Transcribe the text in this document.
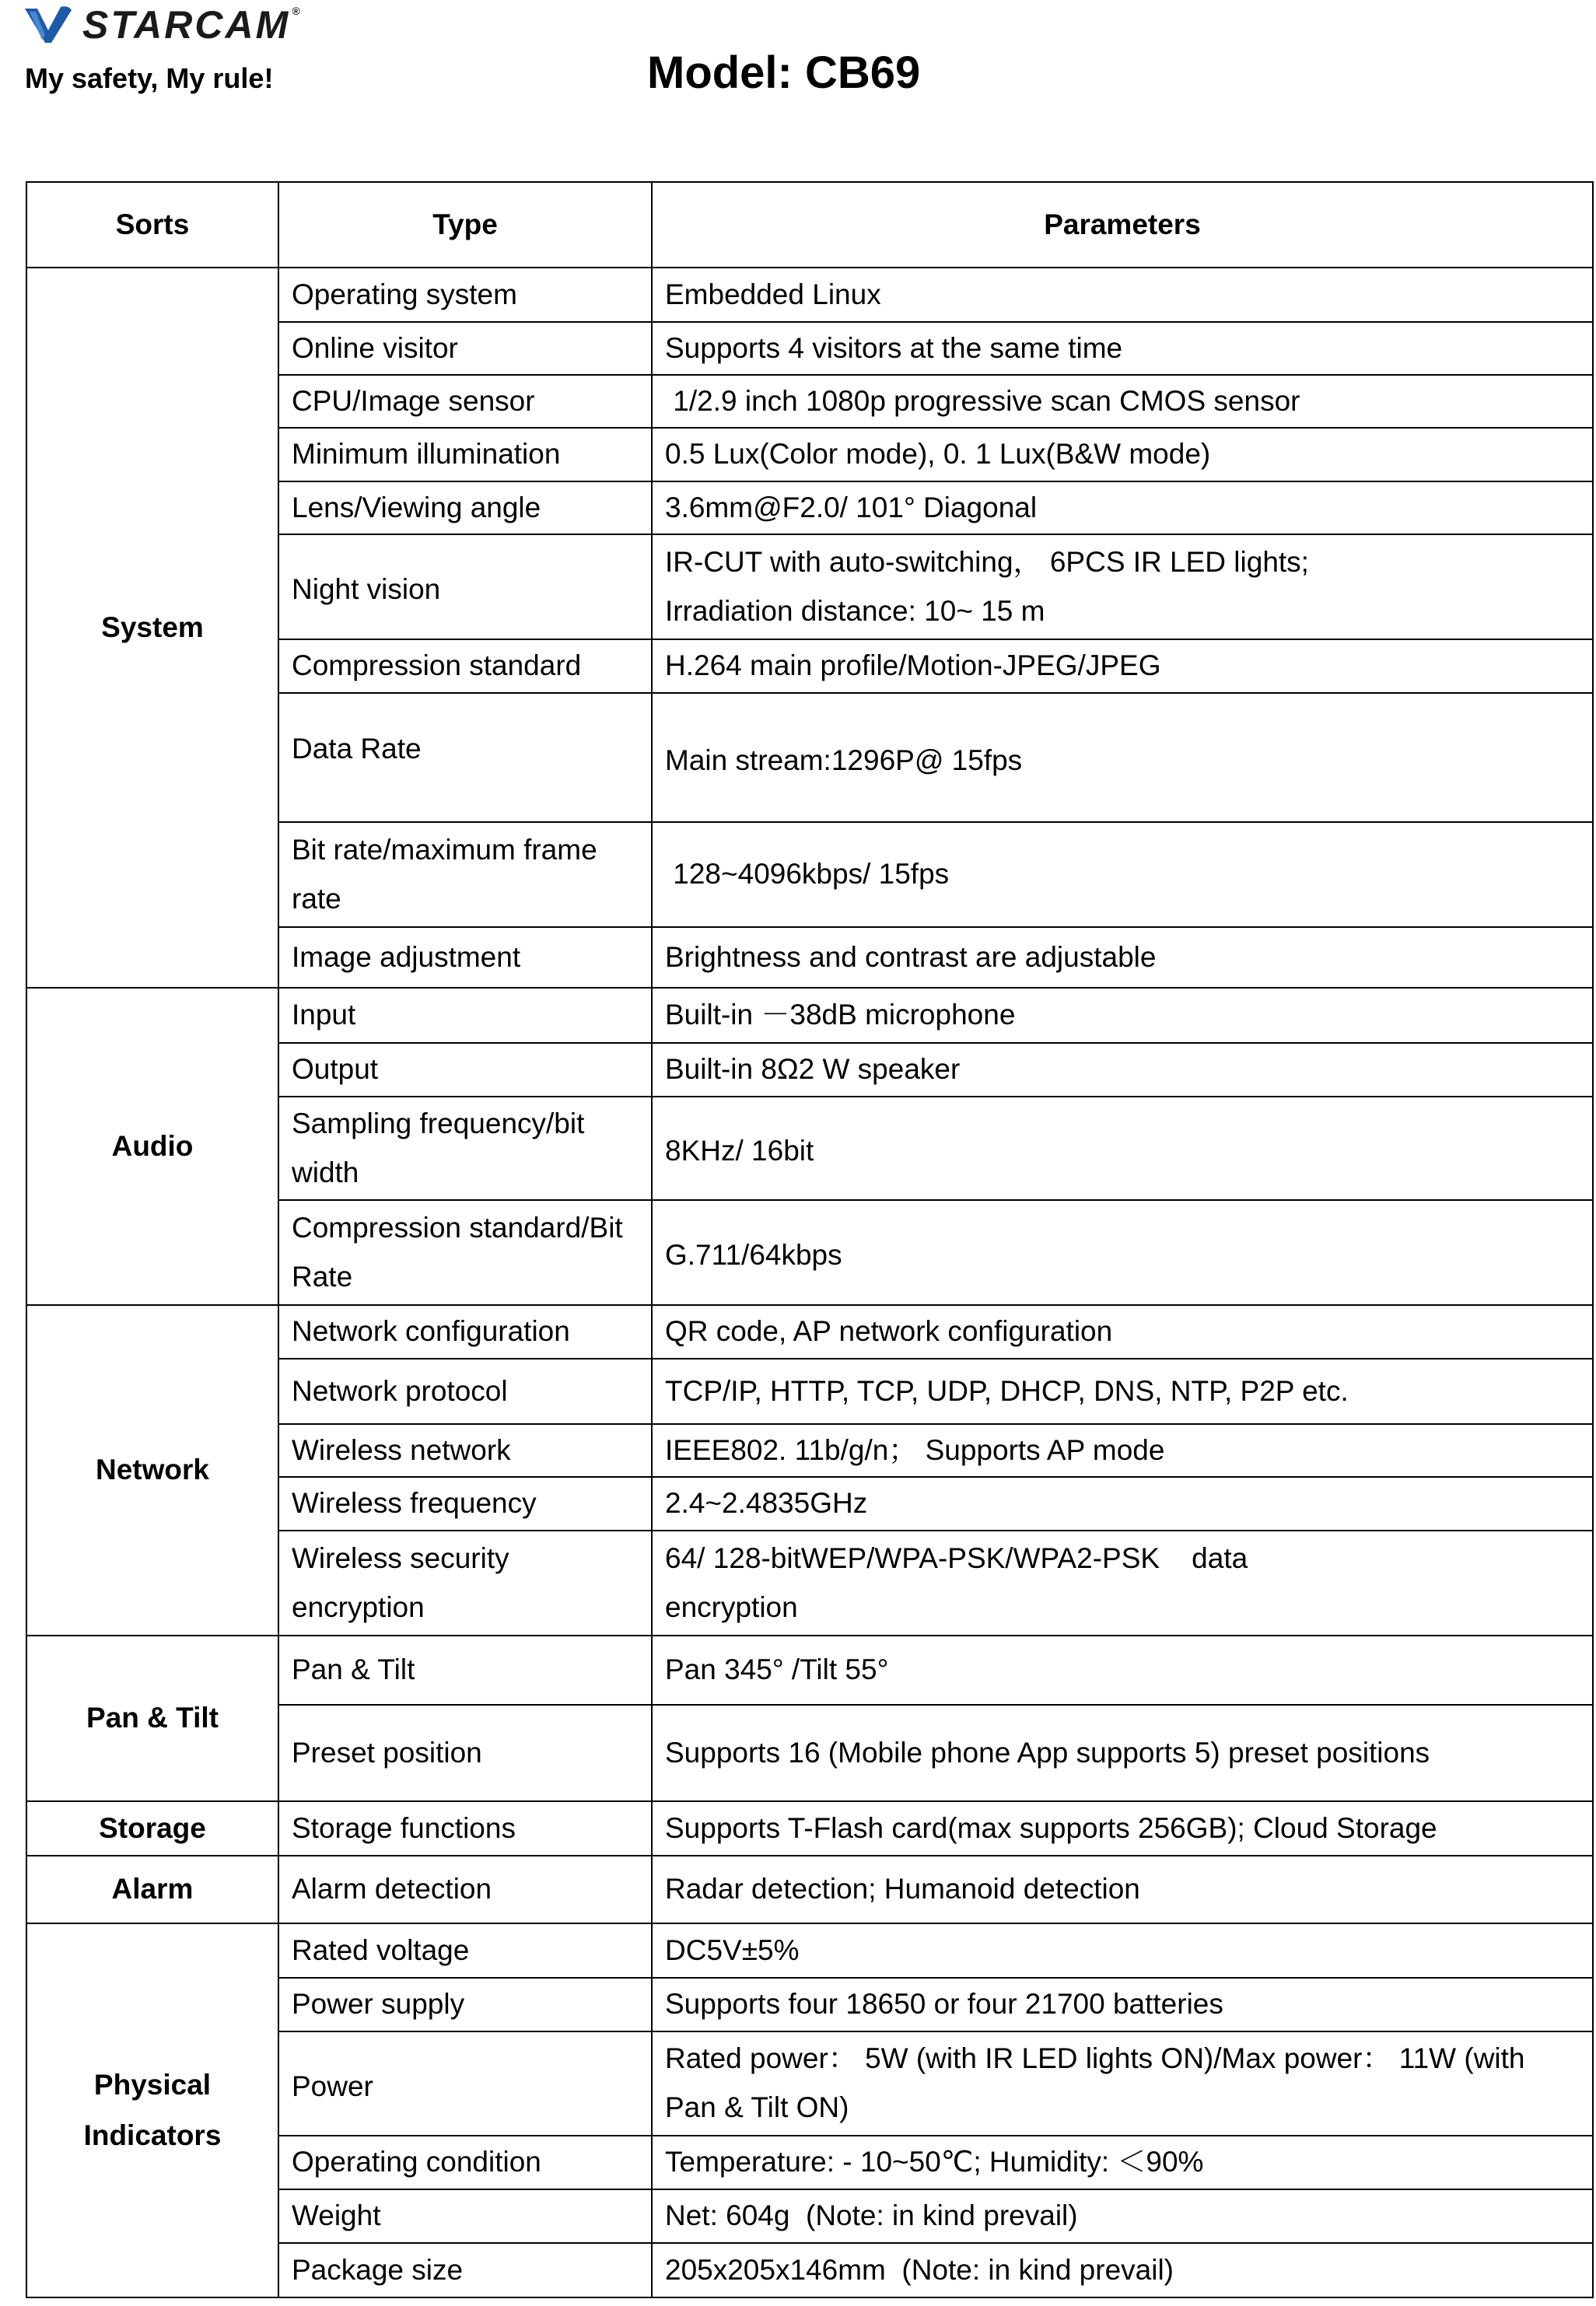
STARCAM ®
My safety, My rule!	Model: CB69
Sorts	Type	Parameters
System	Operating system	Embedded Linux

	Online visitor	Supports 4 visitors at the same time

	CPU/Image sensor	1/2.9 inch 1080p progressive scan CMOS sensor

	Minimum illumination	0.5 Lux(Color mode), 0. 1 Lux(B&W mode)

	Lens/Viewing angle	3.6mm@F2.0/ 101° Diagonal

	Night vision	IR-CUT with auto-switching， 6PCS IR LED lights;
Irradiation distance: 10~ 15 m

	Compression standard	H.264 main profile/Motion-JPEG/JPEG

	Data Rate	Main stream:1296P@ 15fps

	Bit rate/maximum frame rate	128~4096kbps/ 15fps

	Image adjustment	Brightness and contrast are adjustable

Audio	Input	Built-in －38dB microphone

	Output	Built-in 8Ω2 W speaker

	Sampling frequency/bit width	8KHz/ 16bit

	Compression standard/Bit Rate	G.711/64kbps

Network	Network configuration	QR code, AP network configuration

	Network protocol	TCP/IP, HTTP, TCP, UDP, DHCP, DNS, NTP, P2P etc.

	Wireless network	IEEE802. 11b/g/n； Supports AP mode

	Wireless frequency	2.4~2.4835GHz

	Wireless security encryption	64/ 128-bitWEP/WPA-PSK/WPA2-PSK    data
encryption

Pan & Tilt	Pan & Tilt	Pan 345° /Tilt 55°

	Preset position	Supports 16 (Mobile phone App supports 5) preset positions

Storage	Storage functions	Supports T-Flash card(max supports 256GB); Cloud Storage

Alarm	Alarm detection	Radar detection; Humanoid detection

Physical Indicators	Rated voltage	DC5V±5%

	Power supply	Supports four 18650 or four 21700 batteries

	Power	Rated power： 5W (with IR LED lights ON)/Max power： 11W (with
Pan & Tilt ON)

	Operating condition	Temperature: - 10~50℃; Humidity: ＜90%

	Weight	Net: 604g  (Note: in kind prevail)

	Package size	205x205x146mm  (Note: in kind prevail)
